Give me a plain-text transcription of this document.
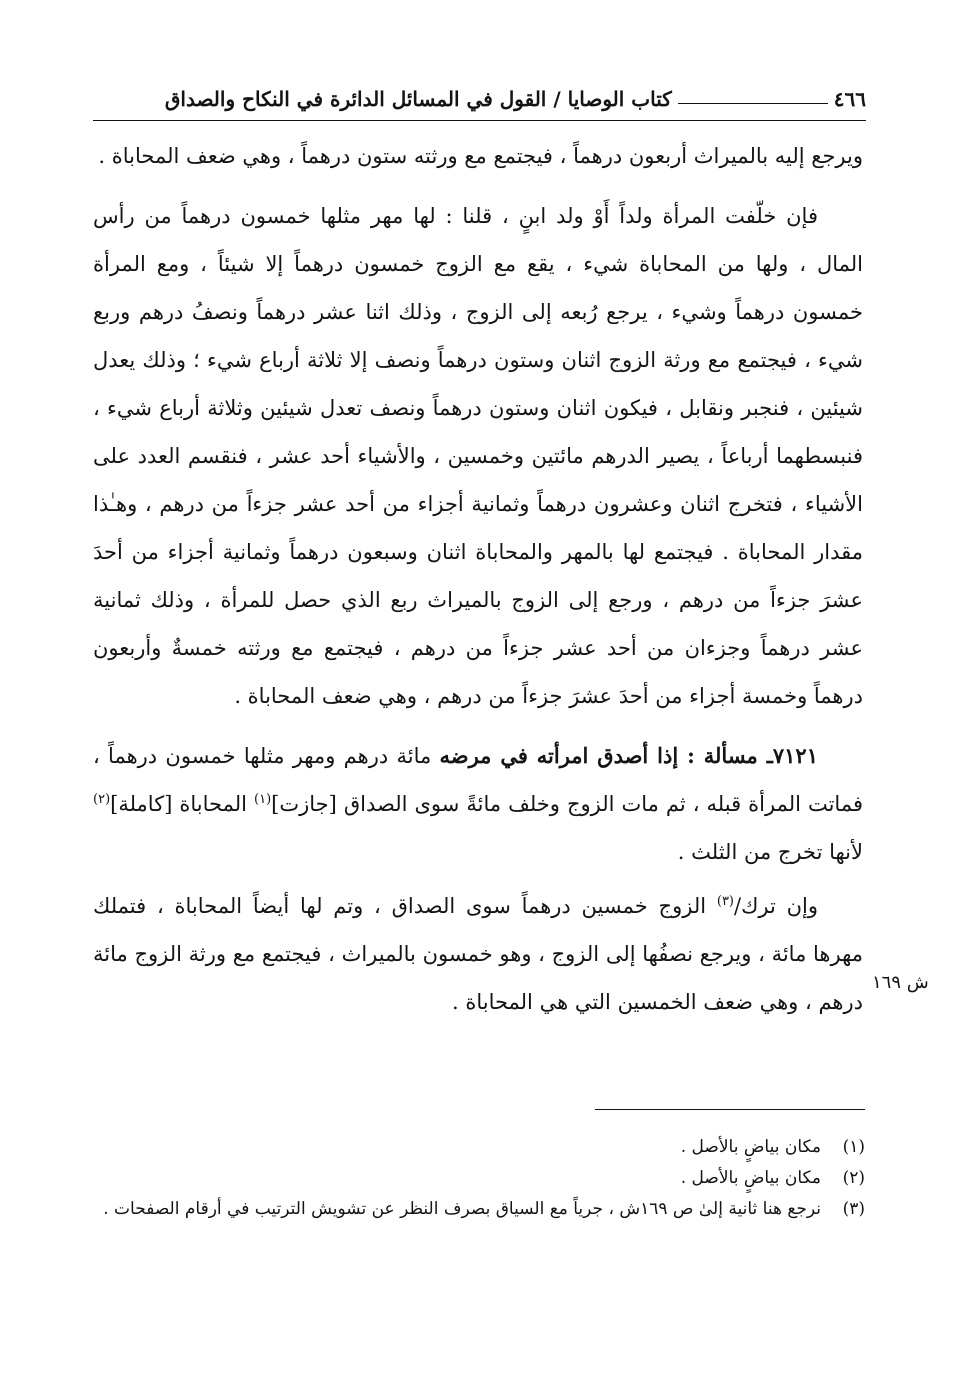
٤٦٦
كتاب الوصايا / القول في المسائل الدائرة في النكاح والصداق

ويرجع إليه بالميراث أربعون درهماً ، فيجتمع مع ورثته ستون درهماً ، وهي ضعف المحاباة .

فإن خلّفت المرأة ولداً أَوْ ولد ابنٍ ، قلنا : لها مهر مثلها خمسون درهماً من رأس المال ، ولها من المحاباة شيء ، يقع مع الزوج خمسون درهماً إلا شيئاً ، ومع المرأة خمسون درهماً وشيء ، يرجع رُبعه إلى الزوج ، وذلك اثنا عشر درهماً ونصفُ درهم وربع شيء ، فيجتمع مع ورثة الزوج اثنان وستون درهماً ونصف إلا ثلاثة أرباع شيء ؛ وذلك يعدل شيئين ، فنجبر ونقابل ، فيكون اثنان وستون درهماً ونصف تعدل شيئين وثلاثة أرباع شيء ، فنبسطهما أرباعاً ، يصير الدرهم مائتين وخمسين ، والأشياء أحد عشر ، فنقسم العدد على الأشياء ، فتخرج اثنان وعشرون درهماً وثمانية أجزاء من أحد عشر جزءاً من درهم ، وهـٰذا مقدار المحاباة . فيجتمع لها بالمهر والمحاباة اثنان وسبعون درهماً وثمانية أجزاء من أحدَ عشرَ جزءاً من درهم ، ورجع إلى الزوج بالميراث ربع الذي حصل للمرأة ، وذلك ثمانية عشر درهماً وجزءان من أحد عشر جزءاً من درهم ، فيجتمع مع ورثته خمسةٌ وأربعون درهماً وخمسة أجزاء من أحدَ عشرَ جزءاً من درهم ، وهي ضعف المحاباة .

٧١٢١ـ مسألة : إذا أصدق امرأته في مرضه مائة درهم ومهر مثلها خمسون درهماً ، فماتت المرأة قبله ، ثم مات الزوج وخلف مائةً سوى الصداق [جازت]$^{(١)}$ المحاباة [كاملة]$^{(٢)}$ لأنها تخرج من الثلث .

وإن ترك/$^{(٣)}$ الزوج خمسين درهماً سوى الصداق ، وتم لها أيضاً المحاباة ، فتملك مهرها مائة ، ويرجع نصفُها إلى الزوج ، وهو خمسون بالميراث ، فيجتمع مع ورثة الزوج مائة درهم ، وهي ضعف الخمسين التي هي المحاباة .

ش ١٦٩
(١)
مكان بياضٍ بالأصل .
(٢)
مكان بياضٍ بالأصل .
(٣)
نرجع هنا ثانية إلىٰ ص ١٦٩ش ، جرياً مع السياق بصرف النظر عن تشويش الترتيب في أرقام الصفحات .
